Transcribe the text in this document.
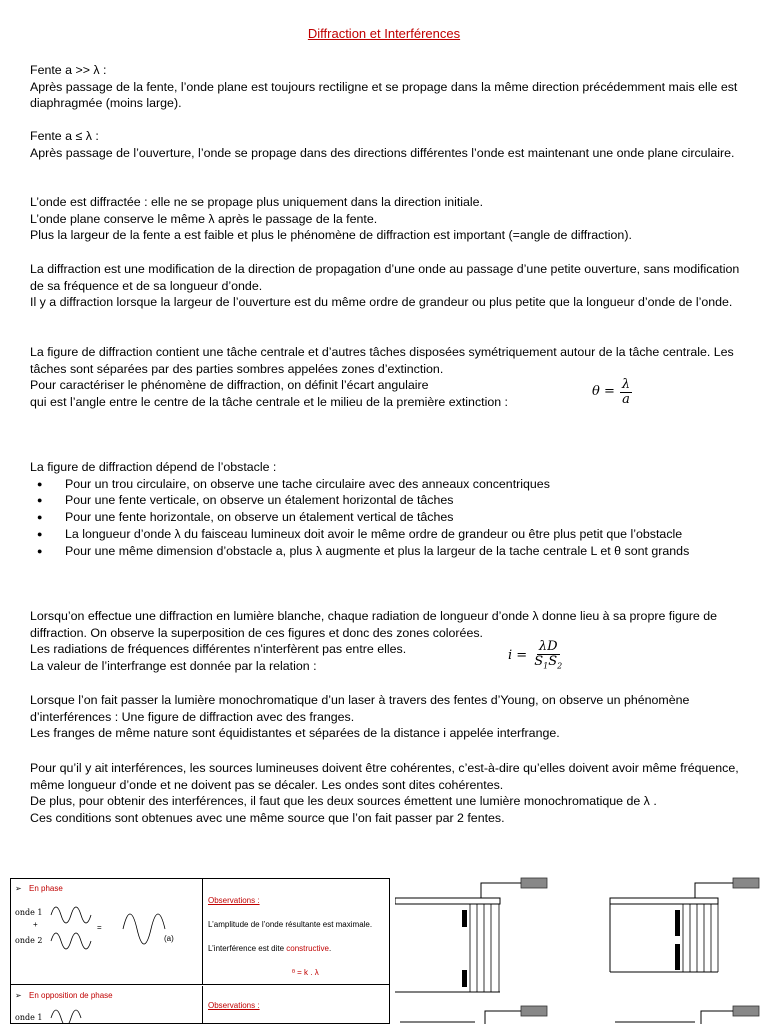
Diffraction et Interférences

Fente a >> λ :

Après passage de la fente, l’onde plane est toujours rectiligne et se propage dans la même direction précédemment mais elle est diaphragmée (moins large).

Fente a ≤ λ :

Après passage de l’ouverture, l’onde se propage dans des directions différentes l’onde est maintenant une onde plane circulaire.

L’onde est diffractée : elle ne se propage plus uniquement dans la direction initiale.

L’onde plane conserve le même λ après le passage de la fente.

Plus la largeur de la fente a est faible et plus le phénomène de diffraction est important (=angle de diffraction).

La diffraction est une modification de la direction de propagation d’une onde au passage d’une petite ouverture, sans modification de sa fréquence et de sa longueur d’onde.

Il y a diffraction lorsque la largeur de l’ouverture est du même ordre de grandeur ou plus petite que la longueur d’onde de l’onde.

La figure de diffraction contient une tâche centrale et d’autres tâches disposées symétriquement autour de la tâche centrale. Les tâches sont séparées par des parties sombres appelées zones d’extinction.

Pour caractériser le phénomène de diffraction, on définit l’écart angulaire

qui est l’angle entre le centre de la tâche centrale et le milieu de la première extinction :

$\theta = \frac{\lambda}{a}$

La figure de diffraction dépend de l’obstacle :

● Pour un trou circulaire, on observe une tache circulaire avec des anneaux concentriques
● Pour une fente verticale, on observe un étalement horizontal de tâches
● Pour une fente horizontale, on observe un étalement vertical de tâches
● La longueur d’onde λ du faisceau lumineux doit avoir le même ordre de grandeur ou être plus petit que l’obstacle
● Pour une même dimension d’obstacle a, plus λ augmente et plus la largeur de la tache centrale L et θ sont grands

Lorsqu’on effectue une diffraction en lumière blanche, chaque radiation de longueur d’onde λ donne lieu à sa propre figure de diffraction. On observe la superposition de ces figures et donc des zones colorées.

Les radiations de fréquences différentes n'interfèrent pas entre elles.

La valeur de l’interfrange est donnée par la relation :

$i = \frac{\lambda D}{S_1S_2}$

Lorsque l’on fait passer la lumière monochromatique d’un laser à travers des fentes d’Young, on observe un phénomène d’interférences : Une figure de diffraction avec des franges.

Les franges de même nature sont équidistantes et séparées de la distance i appelée interfrange.

Pour qu’il y ait interférences, les sources lumineuses doivent être cohérentes, c’est-à-dire qu’elles doivent avoir même fréquence, même longueur d’onde et ne doivent pas se décaler. Les ondes sont dites cohérentes.

De plus, pour obtenir des interférences, il faut que les deux sources émettent une lumière monochromatique de λ .

Ces conditions sont obtenues avec une même source que l’on fait passer par 2 fentes.

➢ En phase
onde 1
+
onde 2
=
(a)
Observations :
L’amplitude de l’onde résultante est maximale.
L’interférence est dite constructive.
ᶿ = k . λ
➢ En opposition de phase
onde 1
Observations :
